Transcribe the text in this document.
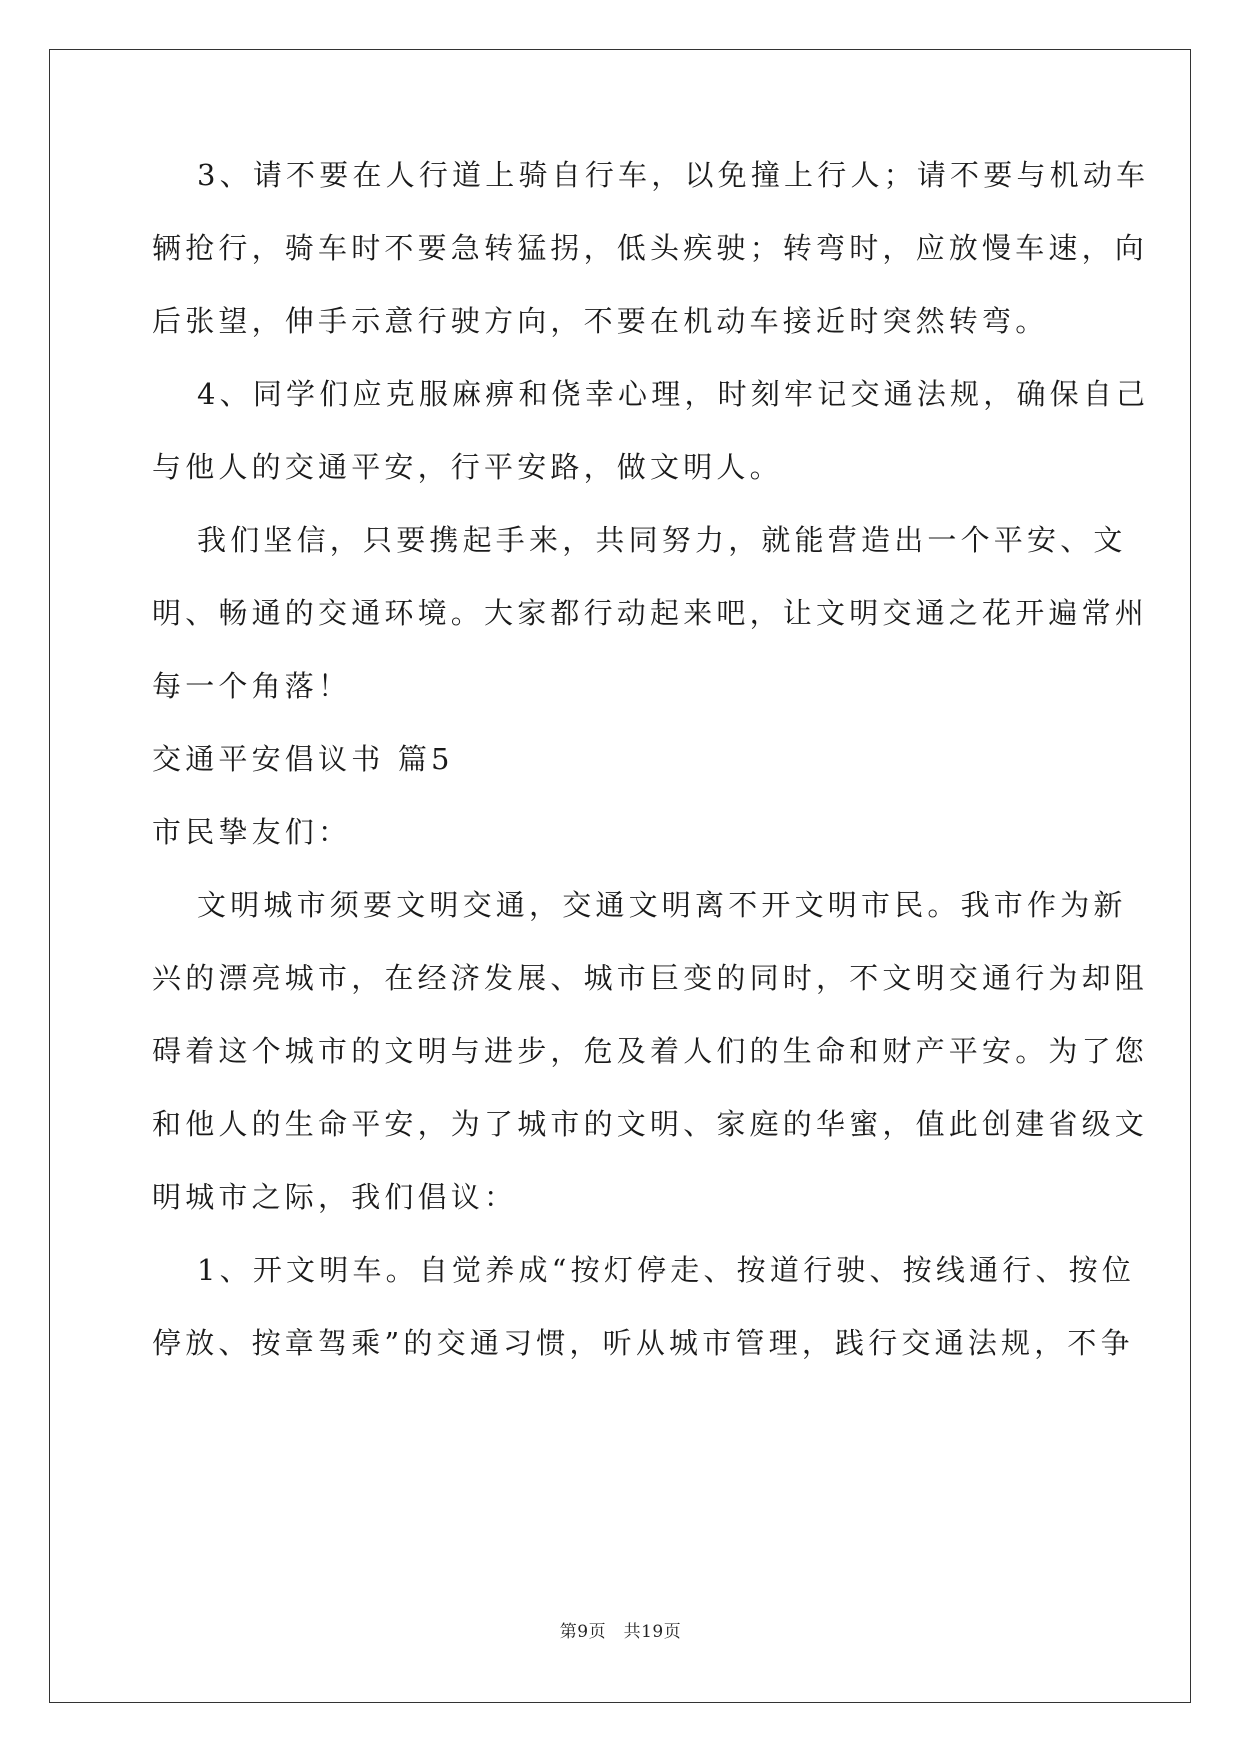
3、请不要在人行道上骑自行车，以免撞上行人；请不要与机动车
辆抢行，骑车时不要急转猛拐，低头疾驶；转弯时，应放慢车速，向
后张望，伸手示意行驶方向，不要在机动车接近时突然转弯。
4、同学们应克服麻痹和侥幸心理，时刻牢记交通法规，确保自己
与他人的交通平安，行平安路，做文明人。
我们坚信，只要携起手来，共同努力，就能营造出一个平安、文
明、畅通的交通环境。大家都行动起来吧，让文明交通之花开遍常州
每一个角落！
交通平安倡议书 篇5
市民挚友们：
文明城市须要文明交通，交通文明离不开文明市民。我市作为新
兴的漂亮城市，在经济发展、城市巨变的同时，不文明交通行为却阻
碍着这个城市的文明与进步，危及着人们的生命和财产平安。为了您
和他人的生命平安，为了城市的文明、家庭的华蜜，值此创建省级文
明城市之际，我们倡议：
1、开文明车。自觉养成“按灯停走、按道行驶、按线通行、按位
停放、按章驾乘”的交通习惯，听从城市管理，践行交通法规，不争
第9页　共19页
